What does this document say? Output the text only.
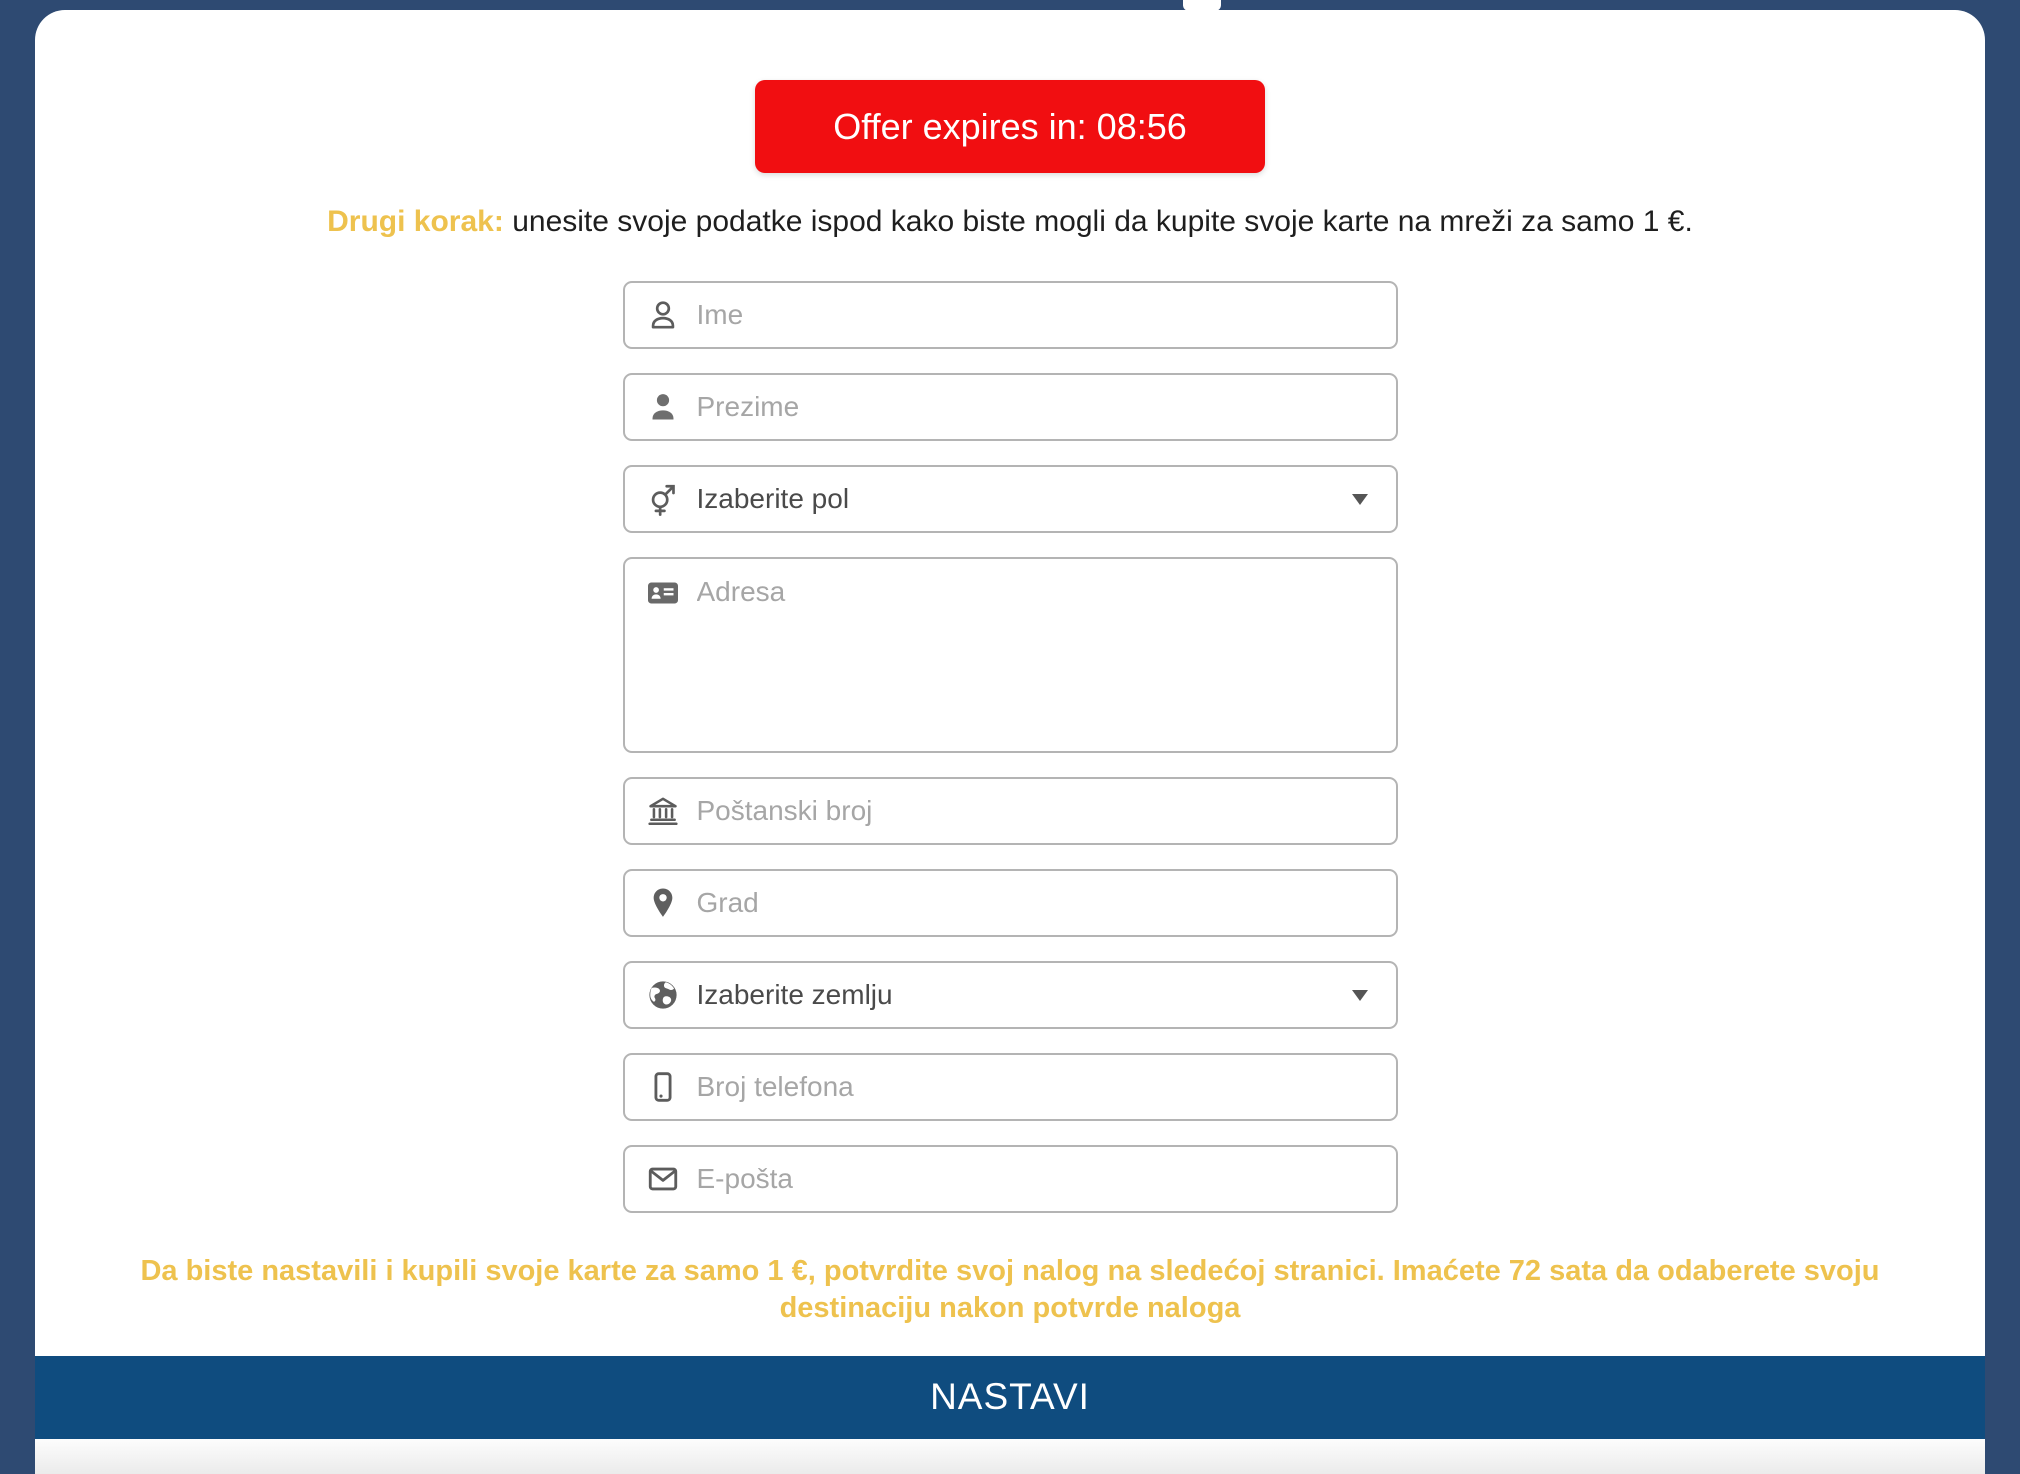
Offer expires in: 08:56

Drugi korak: unesite svoje podatke ispod kako biste mogli da kupite svoje karte na mreži za samo 1 €.

Ime
Prezime
Izaberite pol
Adresa
Poštanski broj
Grad
Izaberite zemlju
Broj telefona
E-pošta

Da biste nastavili i kupili svoje karte za samo 1 €, potvrdite svoj nalog na sledećoj stranici. Imaćete 72 sata da odaberete svoju destinaciju nakon potvrde naloga

NASTAVI
